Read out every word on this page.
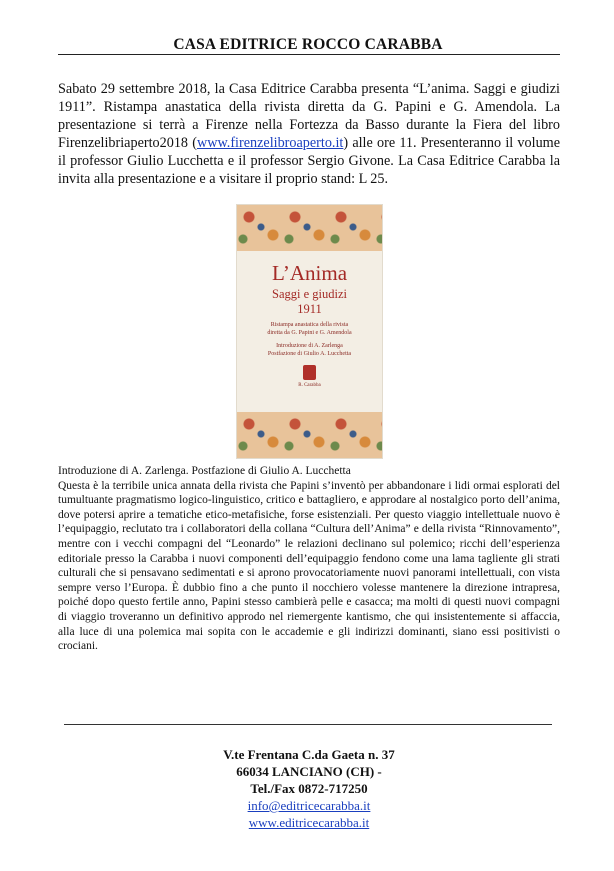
CASA EDITRICE ROCCO CARABBA
Sabato 29 settembre 2018, la Casa Editrice Carabba presenta “L’anima. Saggi e giudizi 1911”. Ristampa anastatica della rivista diretta da G. Papini e G. Amendola. La presentazione si terrà a Firenze nella Fortezza da Basso durante la Fiera del libro Firenzelibriaperto2018 (www.firenzelibroaperto.it) alle ore 11. Presenteranno il volume il professor Giulio Lucchetta e il professor Sergio Givone. La Casa Editrice Carabba la invita alla presentazione e a visitare il proprio stand: L 25.
L’Anima
Saggi e giudizi
1911
Ristampa anastatica della rivista
diretta da G. Papini e G. Amendola
Introduzione di A. Zarlenga
Postfazione di Giulio A. Lucchetta
R. Carabba

Introduzione di A. Zarlenga. Postfazione di Giulio A. Lucchetta

Questa è la terribile unica annata della rivista che Papini s’inventò per abbandonare i lidi ormai esplorati del tumultuante pragmatismo logico-linguistico, critico e battagliero, e approdare al nostalgico porto dell’anima, dove potersi aprire a tematiche etico-metafisiche, forse esistenziali. Per questo viaggio intellettuale nuovo è l’equipaggio, reclutato tra i collaboratori della collana “Cultura dell’Anima” e della rivista “Rinnovamento”, mentre con i vecchi compagni del “Leonardo” le relazioni declinano sul polemico; ricchi dell’esperienza editoriale presso la Carabba i nuovi componenti dell’equipaggio fendono come una lama tagliente gli strati culturali che si pensavano sedimentati e si aprono provocatoriamente nuovi panorami intellettuali, con vista sempre verso l’Europa. È dubbio fino a che punto il nocchiero volesse mantenere la direzione intrapresa, poiché dopo questo fertile anno, Papini stesso cambierà pelle e casacca; ma molti di questi nuovi compagni di viaggio troveranno un definitivo approdo nel riemergente kantismo, che qui insistentemente si affaccia, alla luce di una polemica mai sopita con le accademie e gli indirizzi dominanti, siano essi positivisti o crociani.

V.te Frentana C.da Gaeta n. 37
66034 LANCIANO (CH) -
Tel./Fax 0872-717250
info@editricecarabba.it
www.editricecarabba.it
